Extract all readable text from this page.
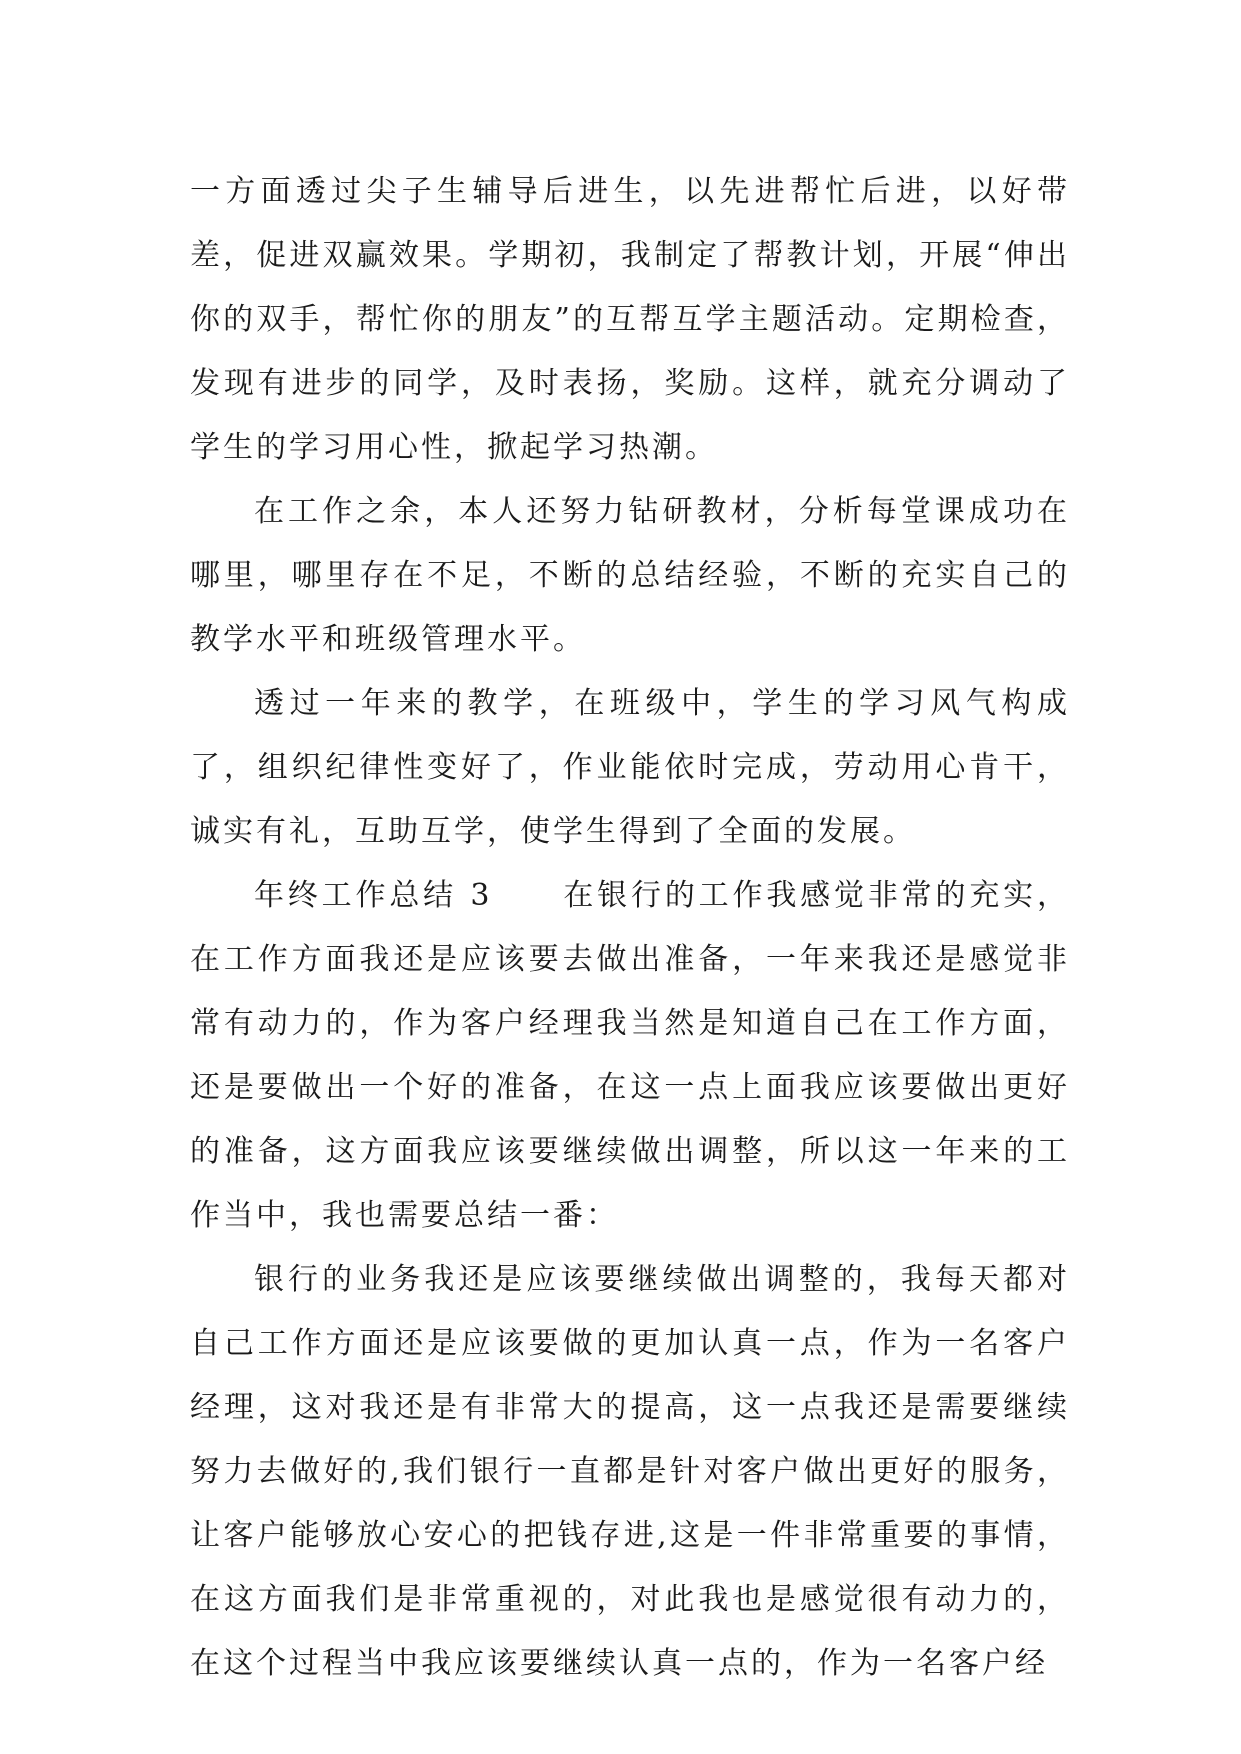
一方面透过尖子生辅导后进生，以先进帮忙后进，以好带差，促进双赢效果。学期初，我制定了帮教计划，开展“伸出你的双手，帮忙你的朋友”的互帮互学主题活动。定期检查，发现有进步的同学，及时表扬，奖励。这样，就充分调动了学生的学习用心性，掀起学习热潮。

在工作之余，本人还努力钻研教材，分析每堂课成功在哪里，哪里存在不足，不断的总结经验，不断的充实自己的教学水平和班级管理水平。

透过一年来的教学，在班级中，学生的学习风气构成了，组织纪律性变好了，作业能依时完成，劳动用心肯干，诚实有礼，互助互学，使学生得到了全面的发展。

年终工作总结 3 在银行的工作我感觉非常的充实，在工作方面我还是应该要去做出准备，一年来我还是感觉非常有动力的，作为客户经理我当然是知道自己在工作方面，还是要做出一个好的准备，在这一点上面我应该要做出更好的准备，这方面我应该要继续做出调整，所以这一年来的工作当中，我也需要总结一番：

银行的业务我还是应该要继续做出调整的，我每天都对自己工作方面还是应该要做的更加认真一点，作为一名客户经理，这对我还是有非常大的提高，这一点我还是需要继续努力去做好的,我们银行一直都是针对客户做出更好的服务，让客户能够放心安心的把钱存进,这是一件非常重要的事情，在这方面我们是非常重视的，对此我也是感觉很有动力的，在这个过程当中我应该要继续认真一点的，作为一名客户经
